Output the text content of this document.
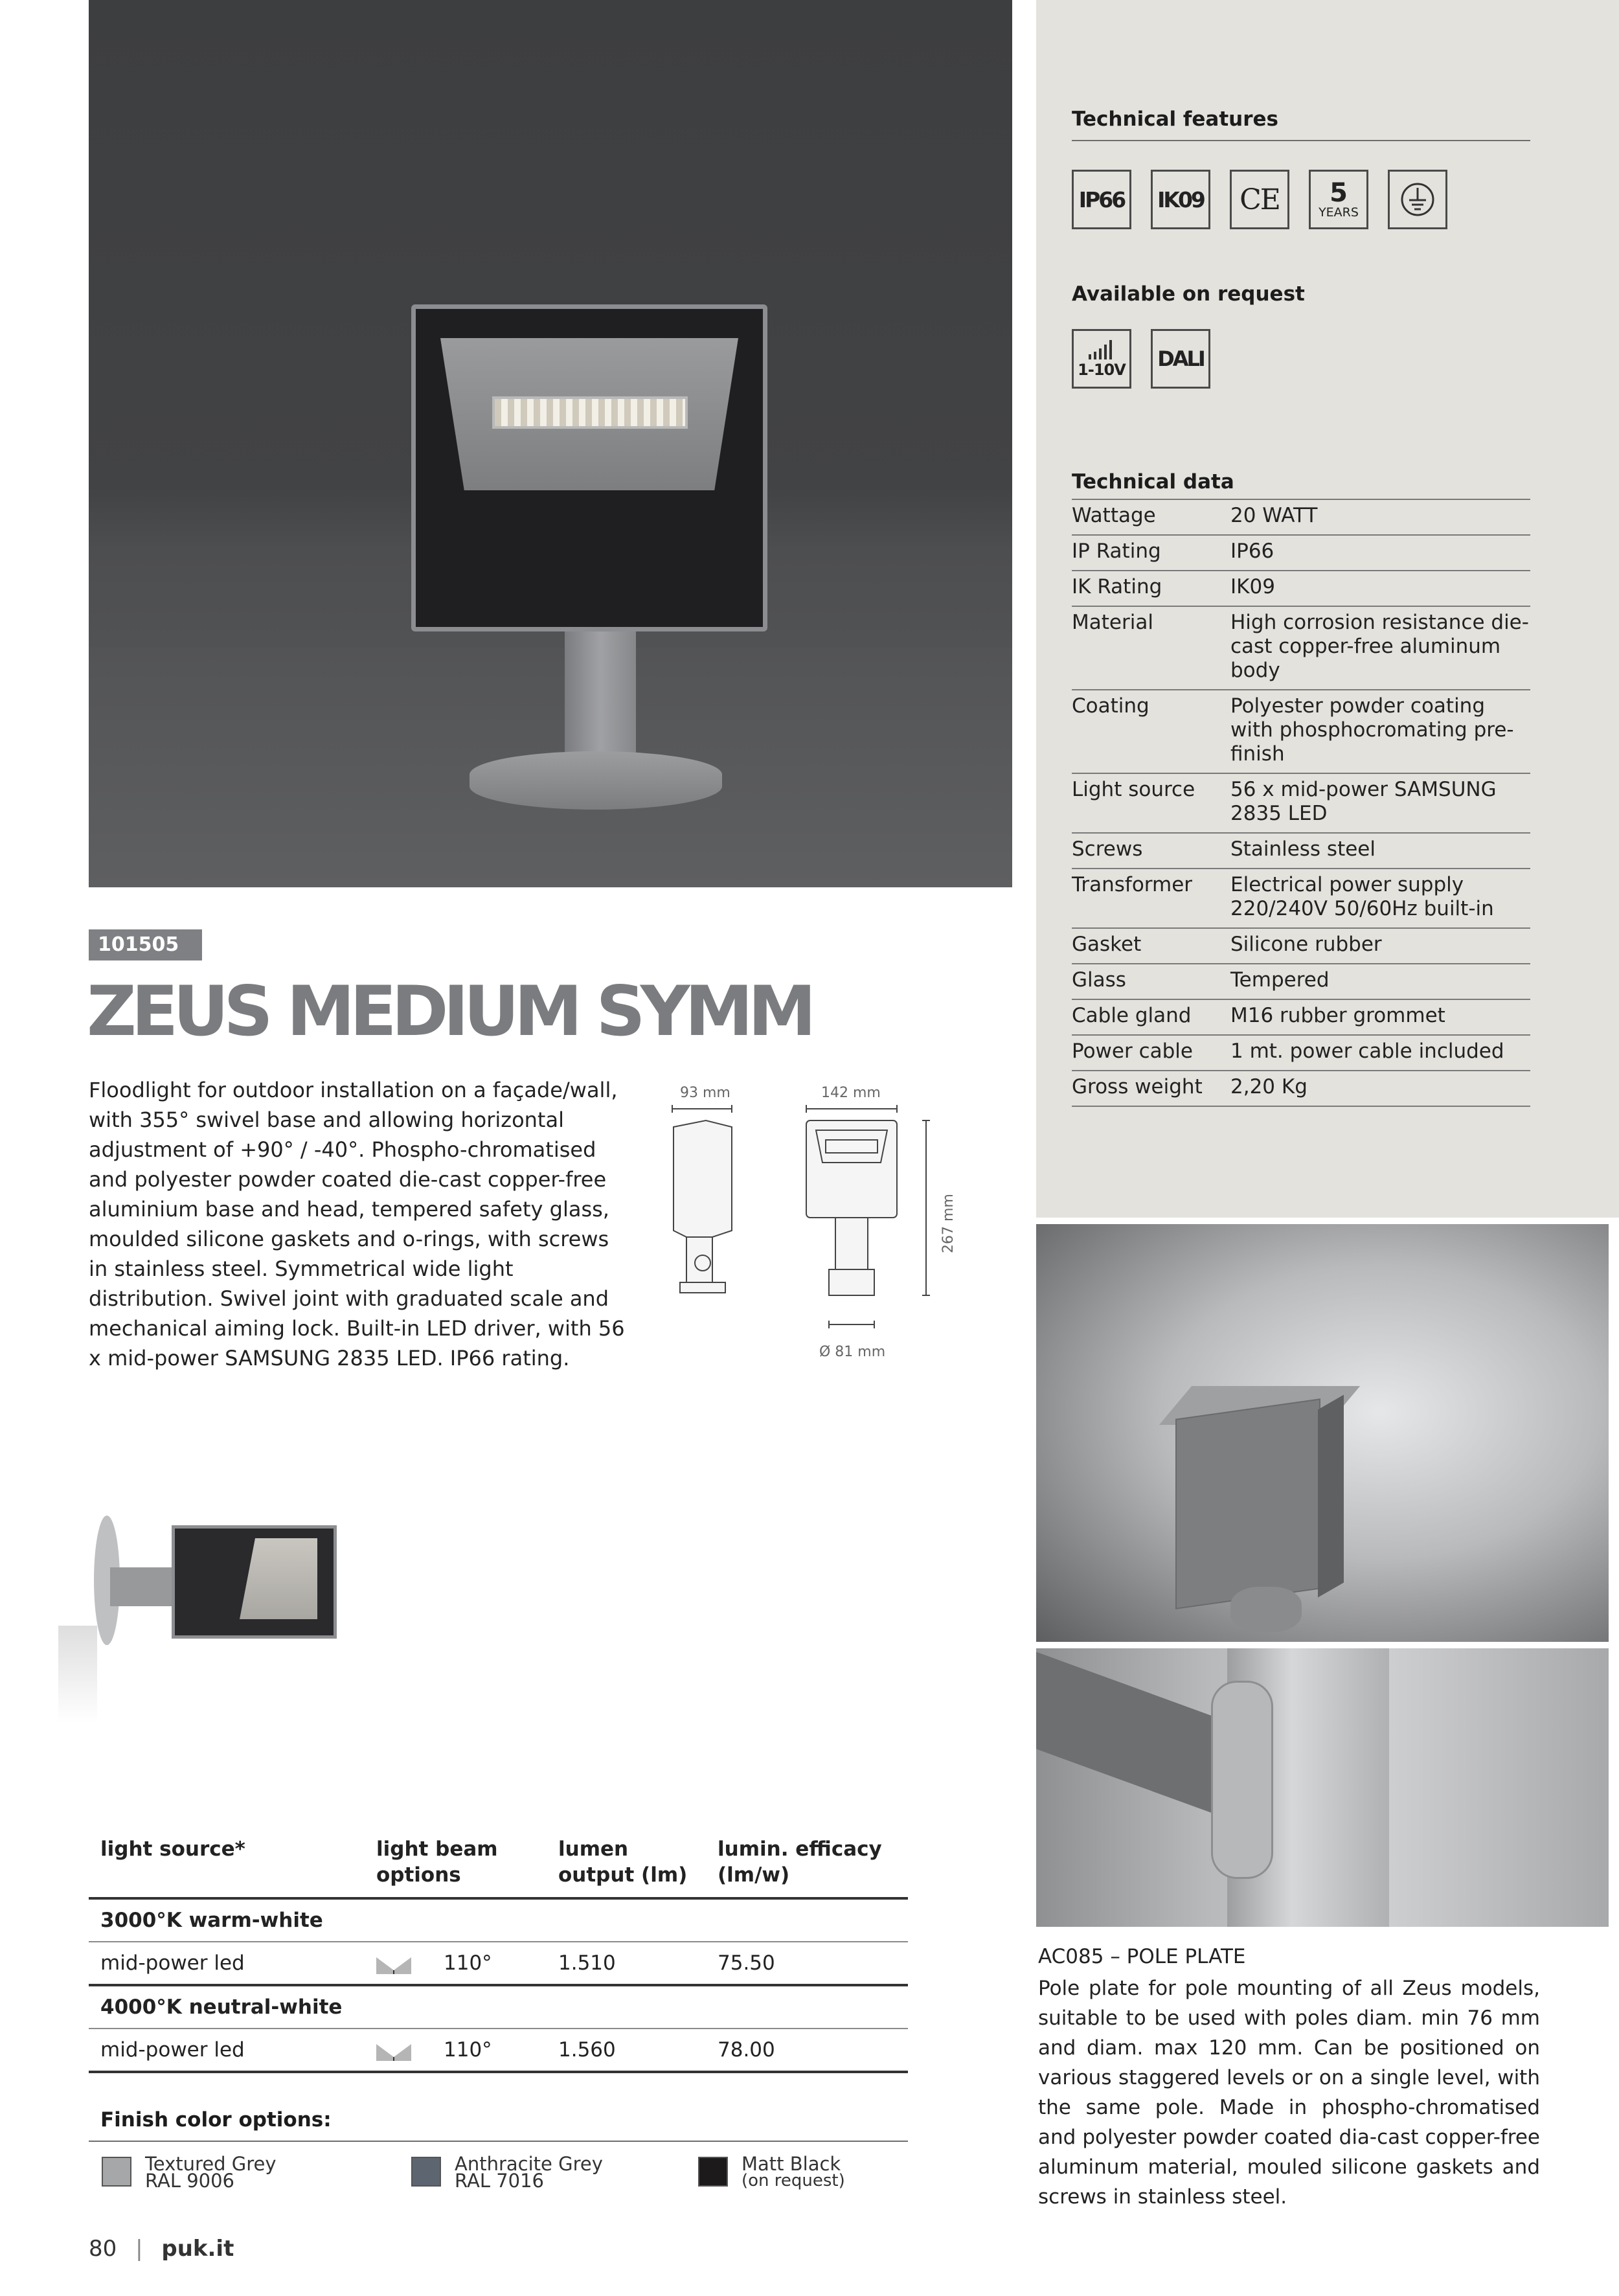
Technical features
IP66 IK09 CE 5
YEARS
Available on request
1-10V DALI
Technical data
Wattage	20 WATT
IP Rating	IP66
IK Rating	IK09
Material	High corrosion resistance die-cast copper-free aluminum body
Coating	Polyester powder coating with phosphocromating pre-finish
Light source	56 x mid-power SAMSUNG 2835 LED
Screws	Stainless steel
Transformer	Electrical power supply 220/240V 50/60Hz built-in
Gasket	Silicone rubber
Glass	Tempered
Cable gland	M16 rubber grommet
Power cable	1 mt. power cable included
Gross weight	2,20 Kg
101505
ZEUS MEDIUM SYMM
Floodlight for outdoor installation on a façade/wall, with 355° swivel base and allowing horizontal adjustment of +90° / -40°. Phospho-chromatised and polyester powder coated die-cast copper-free aluminium base and head, tempered safety glass, moulded silicone gaskets and o-rings, with screws in stainless steel. Symmetrical wide light distribution. Swivel joint with graduated scale and mechanical aiming lock. Built-in LED driver, with 56 x mid-power SAMSUNG 2835 LED. IP66 rating.
93 mm	142 mm
267 mm
Ø 81 mm
light source*	light beam options	lumen output (lm)	lumin. efficacy (lm/w)
3000°K warm-white			
mid-power led	110°	1.510	75.50
4000°K neutral-white			
mid-power led	110°	1.560	78.00
Finish color options:
Textured Grey
RAL 9006
Anthracite Grey
RAL 7016
Matt Black
(on request)
AC085 – POLE PLATE
Pole plate for pole mounting of all Zeus models, suitable to be used with poles diam. min 76 mm and diam. max 120 mm. Can be positioned on various staggered levels or on a single level, with the same pole. Made in phospho-chromatised and polyester powder coated dia-cast copper-free aluminum material, mouled silicone gaskets and screws in stainless steel.
80 | puk.it
